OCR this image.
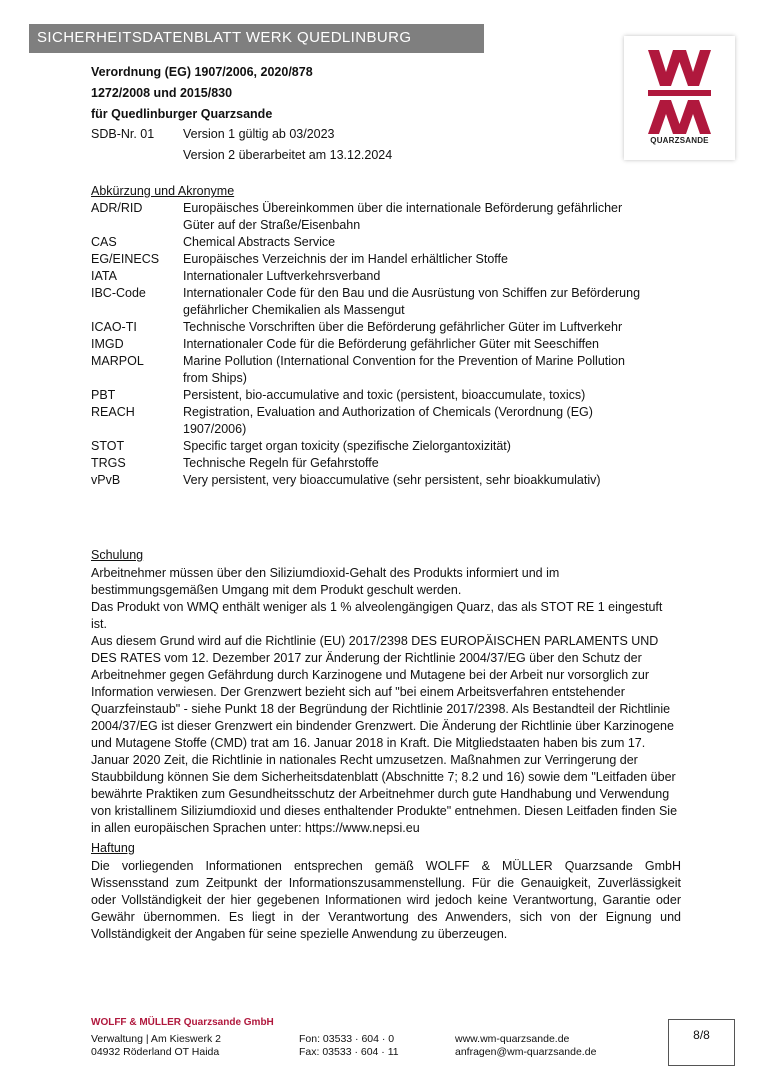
SICHERHEITSDATENBLATT WERK QUEDLINBURG
QUARZSANDE
Verordnung (EG) 1907/2006, 2020/878
1272/2008 und 2015/830
für Quedlinburger Quarzsande
SDB-Nr. 01 Version 1 gültig ab 03/2023
Version 2 überarbeitet am 13.12.2024
Abkürzung und Akronyme
ADR/RID	Europäisches Übereinkommen über die internationale Beförderung gefährlicher Güter auf der Straße/Eisenbahn
CAS	Chemical Abstracts Service
EG/EINECS	Europäisches Verzeichnis der im Handel erhältlicher Stoffe
IATA	Internationaler Luftverkehrsverband
IBC-Code	Internationaler Code für den Bau und die Ausrüstung von Schiffen zur Beförderung gefährlicher Chemikalien als Massengut
ICAO-TI	Technische Vorschriften über die Beförderung gefährlicher Güter im Luftverkehr
IMGD	Internationaler Code für die Beförderung gefährlicher Güter mit Seeschiffen
MARPOL	Marine Pollution (International Convention for the Prevention of Marine Pollution from Ships)
PBT	Persistent, bio-accumulative and toxic (persistent, bioaccumulate, toxics)
REACH	Registration, Evaluation and Authorization of Chemicals (Verordnung (EG) 1907/2006)
STOT	Specific target organ toxicity (spezifische Zielorgantoxizität)
TRGS	Technische Regeln für Gefahrstoffe
vPvB	Very persistent, very bioaccumulative (sehr persistent, sehr bioakkumulativ)
Schulung

Arbeitnehmer müssen über den Siliziumdioxid-Gehalt des Produkts informiert und im bestimmungsgemäßen Umgang mit dem Produkt geschult werden.

Das Produkt von WMQ enthält weniger als 1 % alveolengängigen Quarz, das als STOT RE 1 eingestuft ist.

Aus diesem Grund wird auf die Richtlinie (EU) 2017/2398 DES EUROPÄISCHEN PARLAMENTS UND DES RATES vom 12. Dezember 2017 zur Änderung der Richtlinie 2004/37/EG über den Schutz der Arbeitnehmer gegen Gefährdung durch Karzinogene und Mutagene bei der Arbeit nur vorsorglich zur Information verwiesen. Der Grenzwert bezieht sich auf "bei einem Arbeitsverfahren entstehender Quarzfeinstaub" - siehe Punkt 18 der Begründung der Richtlinie 2017/2398. Als Bestandteil der Richtlinie 2004/37/EG ist dieser Grenzwert ein bindender Grenzwert. Die Änderung der Richtlinie über Karzinogene und Mutagene Stoffe (CMD) trat am 16. Januar 2018 in Kraft. Die Mitgliedstaaten haben bis zum 17. Januar 2020 Zeit, die Richtlinie in nationales Recht umzusetzen. Maßnahmen zur Verringerung der Staubbildung können Sie dem Sicherheitsdatenblatt (Abschnitte 7; 8.2 und 16) sowie dem "Leitfaden über bewährte Praktiken zum Gesundheitsschutz der Arbeitnehmer durch gute Handhabung und Verwendung von kristallinem Siliziumdioxid und dieses enthaltender Produkte" entnehmen. Diesen Leitfaden finden Sie in allen europäischen Sprachen unter: https://www.nepsi.eu

Haftung
Die vorliegenden Informationen entsprechen gemäß WOLFF & MÜLLER Quarzsande GmbH Wissensstand zum Zeitpunkt der Informationszusammenstellung. Für die Genauigkeit, Zuverlässigkeit oder Vollständigkeit der hier gegebenen Informationen wird jedoch keine Verantwortung, Garantie oder Gewähr übernommen. Es liegt in der Verantwortung des Anwenders, sich von der Eignung und Vollständigkeit der Angaben für seine spezielle Anwendung zu überzeugen.
WOLFF & MÜLLER Quarzsande GmbH
Verwaltung | Am Kieswerk 2
04932 Röderland OT Haida
Fon: 03533 · 604 · 0
Fax: 03533 · 604 · 11
www.wm-quarzsande.de
anfragen@wm-quarzsande.de
8/8
